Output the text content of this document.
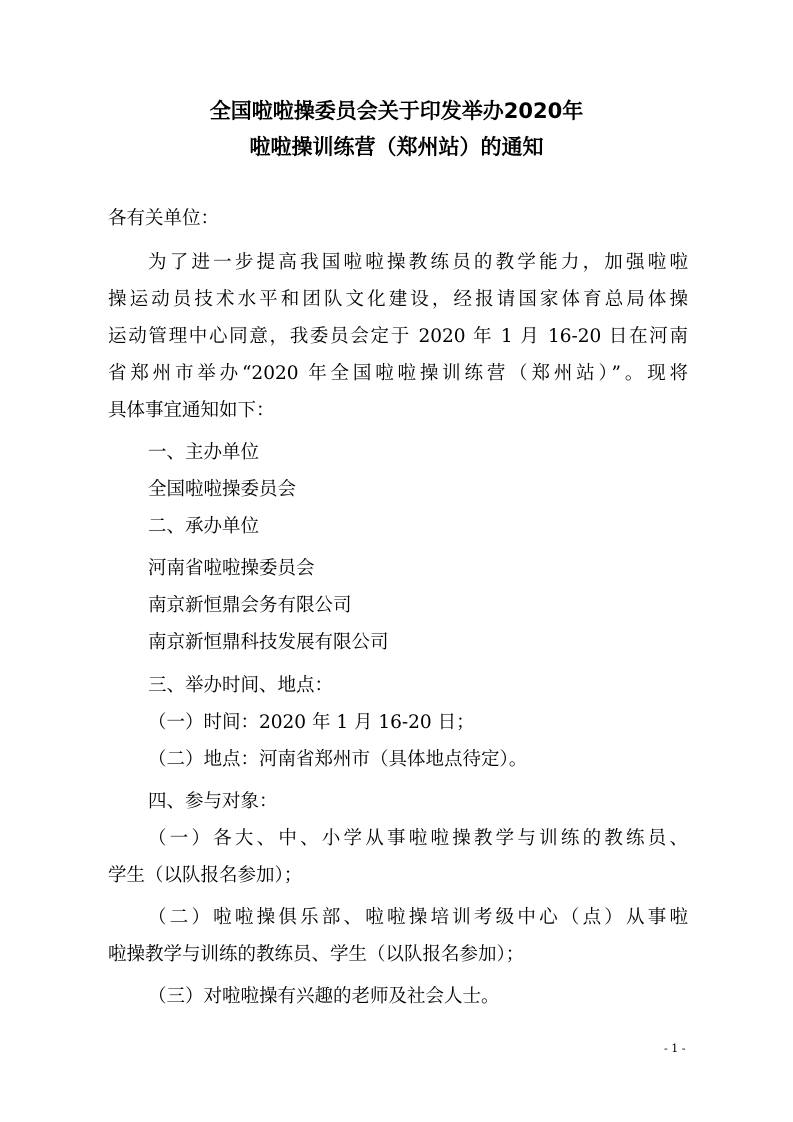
全国啦啦操委员会关于印发举办2020年
啦啦操训练营（郑州站）的通知
各有关单位：
为了进一步提高我国啦啦操教练员的教学能力，加强啦啦
操运动员技术水平和团队文化建设，经报请国家体育总局体操
运动管理中心同意，我委员会定于 2020 年 1 月 16-20 日在河南
省郑州市举办“2020 年全国啦啦操训练营（郑州站）”。现将
具体事宜通知如下：
一、主办单位
全国啦啦操委员会
二、承办单位
河南省啦啦操委员会
南京新恒鼎会务有限公司
南京新恒鼎科技发展有限公司
三、举办时间、地点：
（一）时间：2020 年 1 月 16-20 日；
（二）地点：河南省郑州市（具体地点待定）。
四、参与对象：
（一）各大、中、小学从事啦啦操教学与训练的教练员、
学生（以队报名参加）；
（二）啦啦操俱乐部、啦啦操培训考级中心（点）从事啦
啦操教学与训练的教练员、学生（以队报名参加）；
（三）对啦啦操有兴趣的老师及社会人士。
- 1 -
